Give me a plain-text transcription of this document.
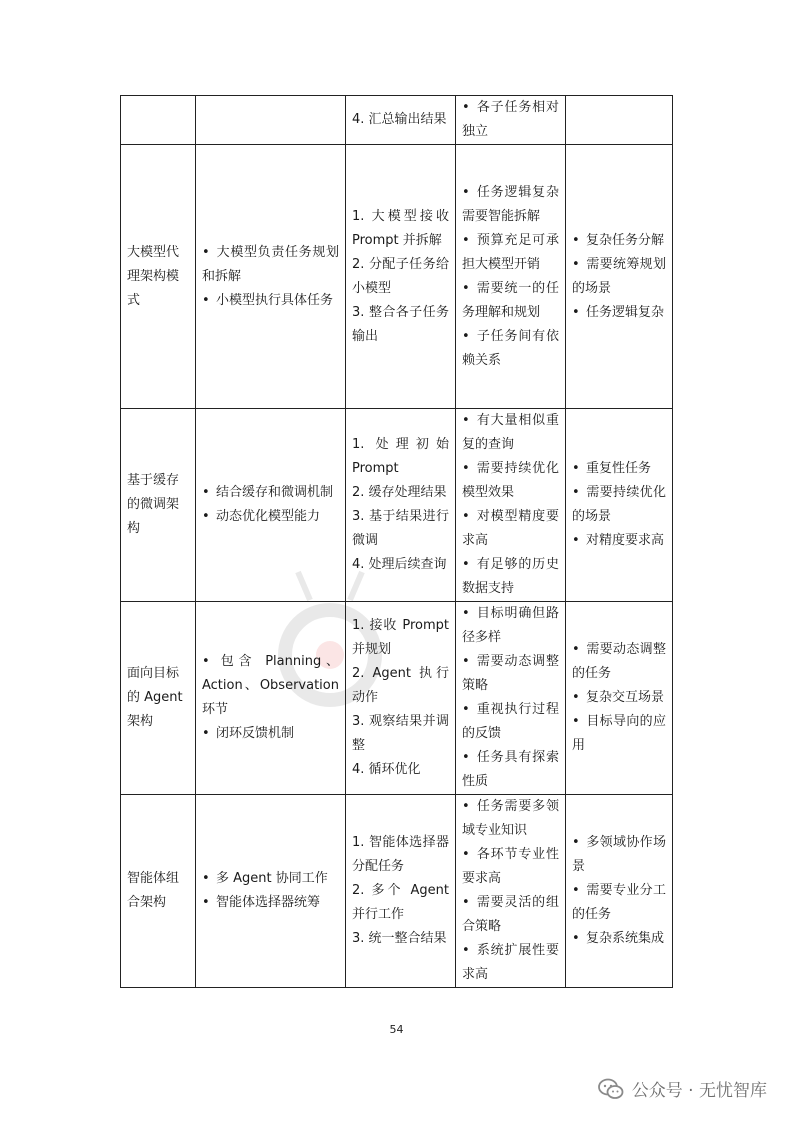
		4. 汇总输出结果	• 各子任务相对独立	

大模型代
理架构模
式	• 大模型负责任务规划和拆解
• 小模型执行具体任务	1. 大模型接收 Prompt 并拆解
2. 分配子任务给小模型
3. 整合各子任务输出	• 任务逻辑复杂需要智能拆解
• 预算充足可承担大模型开销
• 需要统一的任务理解和规划
• 子任务间有依赖关系	• 复杂任务分解
• 需要统筹规划的场景
• 任务逻辑复杂

基于缓存
的微调架
构	• 结合缓存和微调机制
• 动态优化模型能力	1. 处理初始 Prompt
2. 缓存处理结果
3. 基于结果进行微调
4. 处理后续查询	• 有大量相似重复的查询
• 需要持续优化模型效果
• 对模型精度要求高
• 有足够的历史数据支持	• 重复性任务
• 需要持续优化的场景
• 对精度要求高

面向目标
的 Agent
架构	• 包含 Planning、Action、Observation 环节
• 闭环反馈机制	1. 接收 Prompt 并规划
2. Agent 执行动作
3. 观察结果并调整
4. 循环优化	• 目标明确但路径多样
• 需要动态调整策略
• 重视执行过程的反馈
• 任务具有探索性质	• 需要动态调整的任务
• 复杂交互场景
• 目标导向的应用

智能体组
合架构	• 多 Agent 协同工作
• 智能体选择器统筹	1. 智能体选择器分配任务
2. 多个 Agent 并行工作
3. 统一整合结果	• 任务需要多领域专业知识
• 各环节专业性要求高
• 需要灵活的组合策略
• 系统扩展性要求高	• 多领域协作场景
• 需要专业分工的任务
• 复杂系统集成
54
公众号 · 无忧智库
